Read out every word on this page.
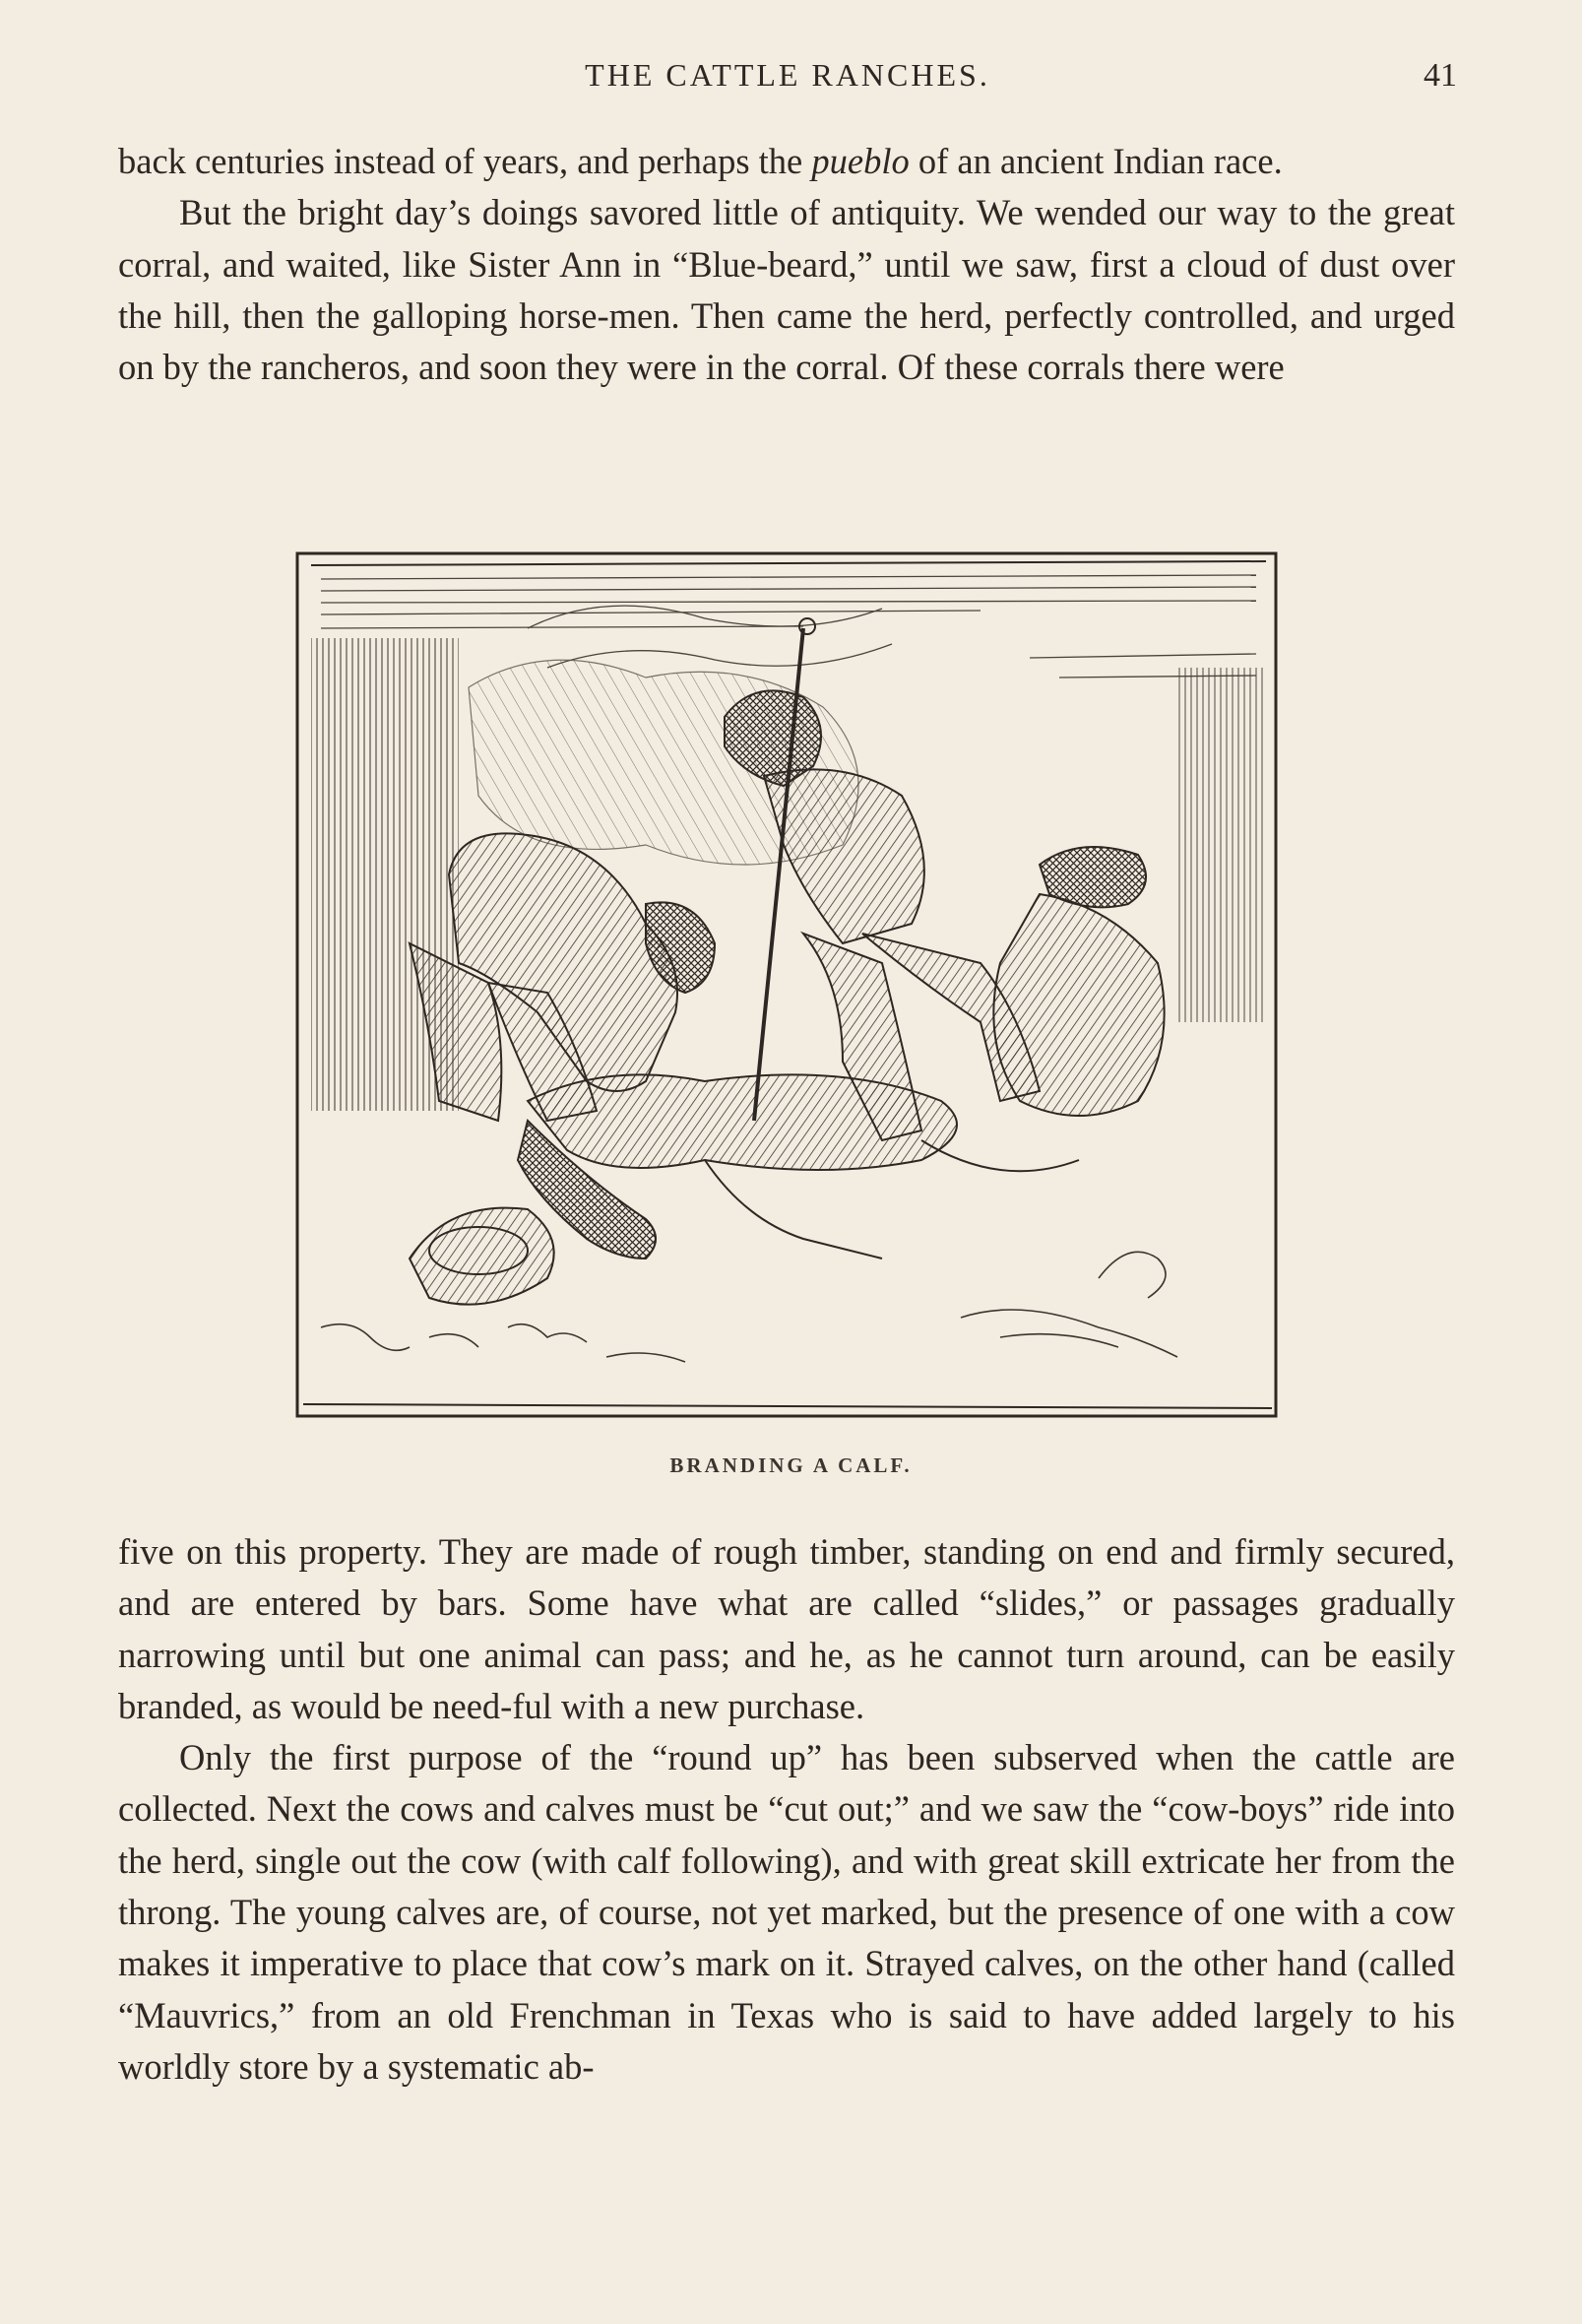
THE CATTLE RANCHES.	41

back centuries instead of years, and perhaps the pueblo of an ancient Indian race.

But the bright day’s doings savored little of antiquity. We wended our way to the great corral, and waited, like Sister Ann in “Blue-beard,” until we saw, first a cloud of dust over the hill, then the galloping horse-men. Then came the herd, perfectly controlled, and urged on by the rancheros, and soon they were in the corral. Of these corrals there were

BRANDING A CALF.

five on this property. They are made of rough timber, standing on end and firmly secured, and are entered by bars. Some have what are called “slides,” or passages gradually narrowing until but one animal can pass; and he, as he cannot turn around, can be easily branded, as would be need-ful with a new purchase.

Only the first purpose of the “round up” has been subserved when the cattle are collected. Next the cows and calves must be “cut out;” and we saw the “cow-boys” ride into the herd, single out the cow (with calf following), and with great skill extricate her from the throng. The young calves are, of course, not yet marked, but the presence of one with a cow makes it imperative to place that cow’s mark on it. Strayed calves, on the other hand (called “Mauvrics,” from an old Frenchman in Texas who is said to have added largely to his worldly store by a systematic ab-
